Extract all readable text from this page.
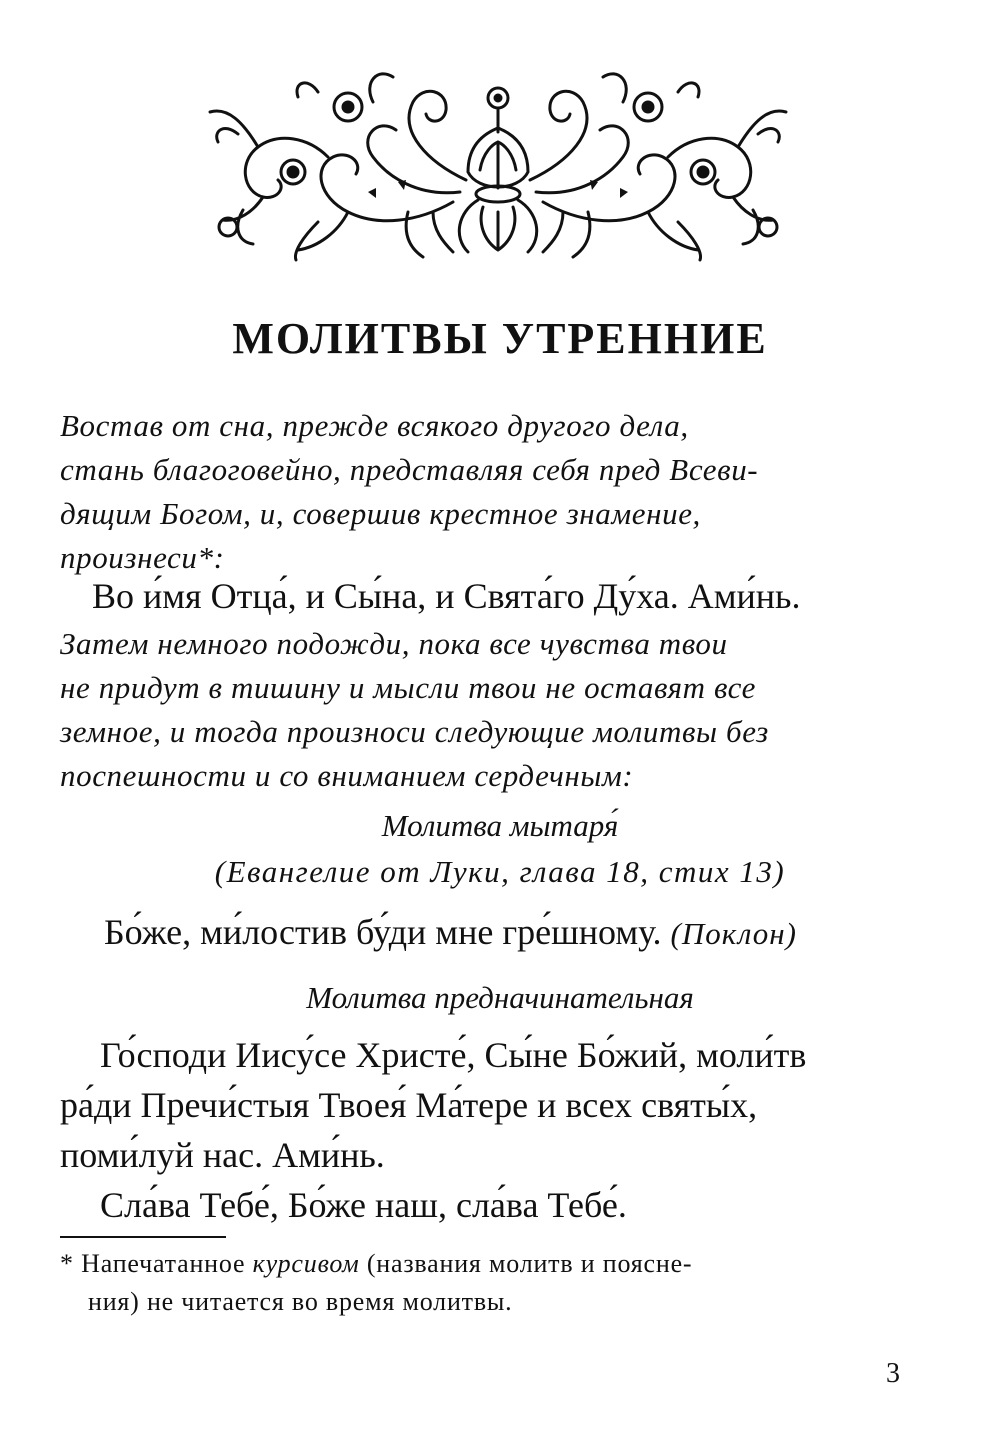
МОЛИТВЫ УТРЕННИЕ

Востав от сна, прежде всякого другого дела,
стань благоговейно, представляя себя пред Всеви-
дящим Богом, и, совершив крестное знамение,
произнеси*:

Во и́мя Отца́, и Сы́на, и Свята́го Ду́ха. Ами́нь.

Затем немного подожди, пока все чувства твои
не придут в тишину и мысли твои не оставят все
земное, и тогда произноси следующие молитвы без
поспешности и со вниманием сердечным:

Молитва мытаря́
(Евангелие от Луки, глава 18, стих 13)
Бо́же, ми́лостив бу́ди мне гре́шному. (Поклон)
Молитва предначинательная
Го́споди Иису́се Христе́, Сы́не Бо́жий, моли́тв
ра́ди Пречи́стыя Твоея́ Ма́тере и всех святы́х,
поми́луй нас. Ами́нь.
Сла́ва Тебе́, Бо́же наш, сла́ва Тебе́.
* Напечатанное курсивом (названия молитв и поясне-
ния) не читается во время молитвы.
3
